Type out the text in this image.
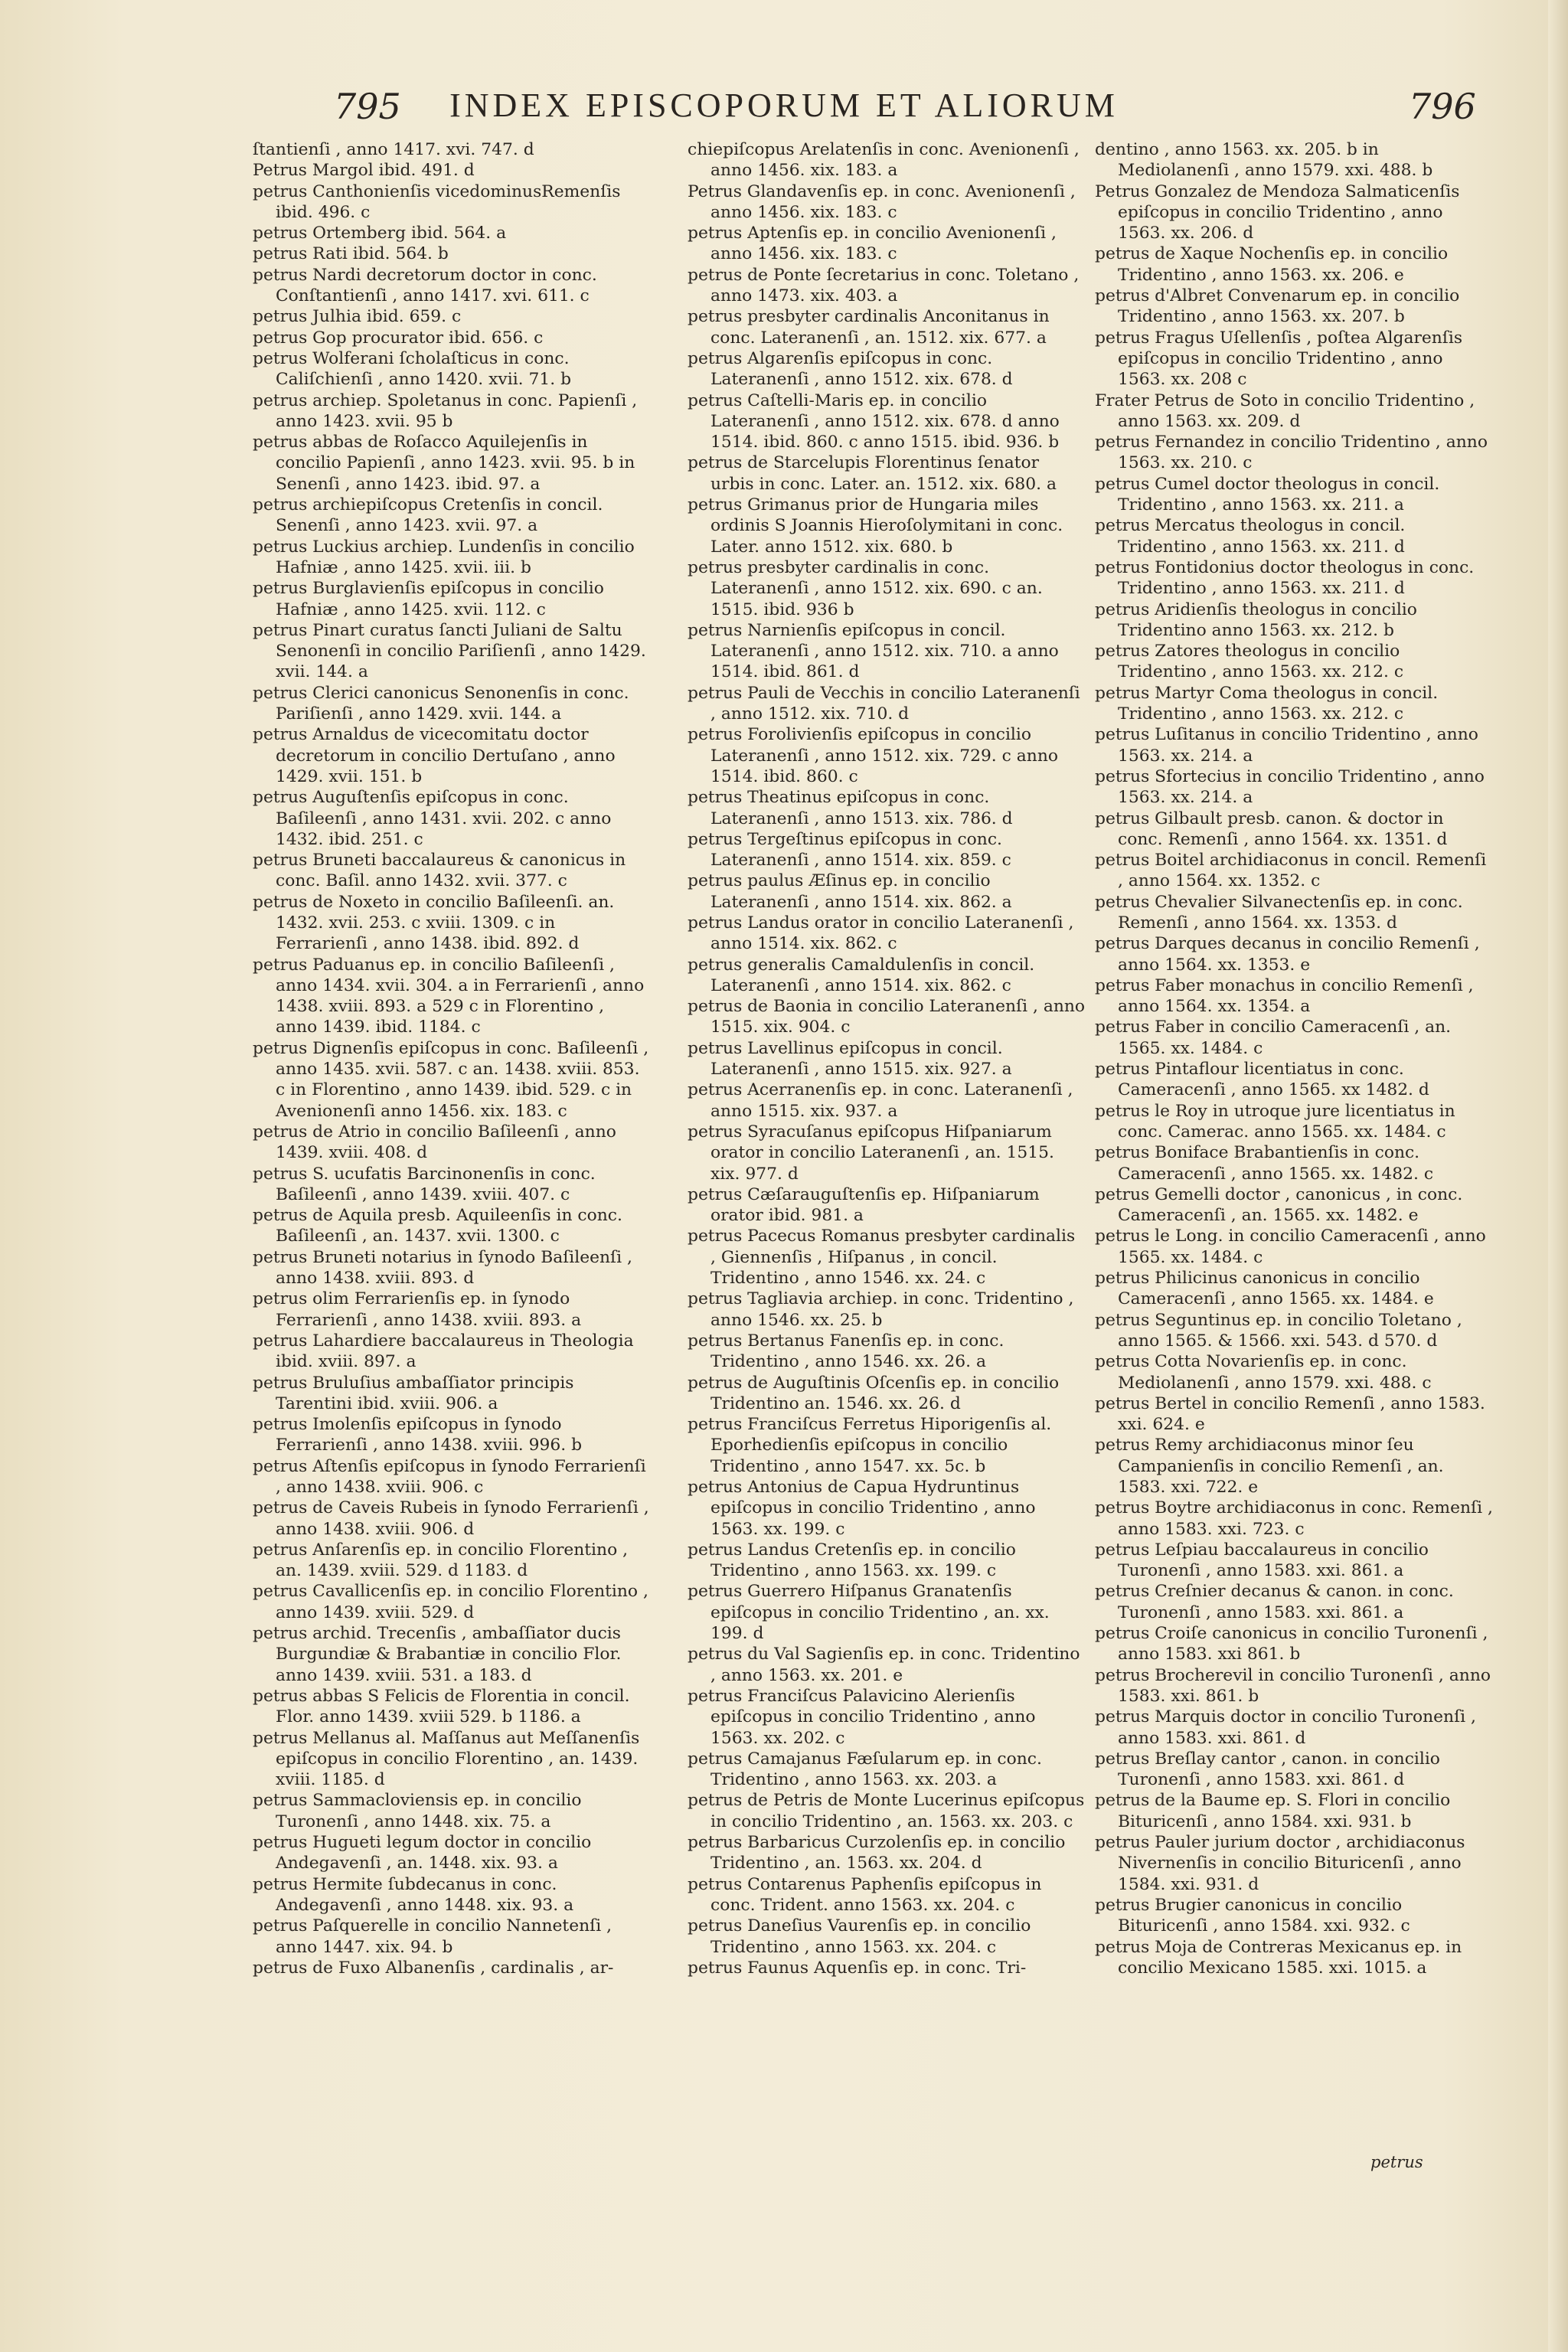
795	INDEX EPISCOPORUM ET ALIORUM	796

ſtantienſi , anno 1417. xvi. 747. d

Petrus Margol ibid. 491. d

petrus Canthonienſis vicedominusRemenſis ibid. 496. c

petrus Ortemberg ibid. 564. a

petrus Rati ibid. 564. b

petrus Nardi decretorum doctor in conc. Conſtantienſi , anno 1417. xvi. 611. c

petrus Julhia ibid. 659. c

petrus Gop procurator ibid. 656. c

petrus Wolferani ſcholaſticus in conc. Caliſchienſi , anno 1420. xvii. 71. b

petrus archiep. Spoletanus in conc. Papienſi , anno 1423. xvii. 95 b

petrus abbas de Roſacco Aquilejenſis in concilio Papienſi , anno 1423. xvii. 95. b in Senenſi , anno 1423. ibid. 97. a

petrus archiepiſcopus Cretenſis in concil. Senenſi , anno 1423. xvii. 97. a

petrus Luckius archiep. Lundenſis in concilio Hafniæ , anno 1425. xvii. iii. b

petrus Burglavienſis epiſcopus in concilio Hafniæ , anno 1425. xvii. 112. c

petrus Pinart curatus ſancti Juliani de Saltu Senonenſi in concilio Pariſienſi , anno 1429. xvii. 144. a

petrus Clerici canonicus Senonenſis in conc. Pariſienſi , anno 1429. xvii. 144. a

petrus Arnaldus de vicecomitatu doctor decretorum in concilio Dertuſano , anno 1429. xvii. 151. b

petrus Auguſtenſis epiſcopus in conc. Baſileenſi , anno 1431. xvii. 202. c anno 1432. ibid. 251. c

petrus Bruneti baccalaureus & canonicus in conc. Baſil. anno 1432. xvii. 377. c

petrus de Noxeto in concilio Baſileenſi. an. 1432. xvii. 253. c xviii. 1309. c in Ferrarienſi , anno 1438. ibid. 892. d

petrus Paduanus ep. in concilio Baſileenſi , anno 1434. xvii. 304. a in Ferrarienſi , anno 1438. xviii. 893. a 529 c in Florentino , anno 1439. ibid. 1184. c

petrus Dignenſis epiſcopus in conc. Baſileenſi , anno 1435. xvii. 587. c an. 1438. xviii. 853. c in Florentino , anno 1439. ibid. 529. c in Avenionenſi anno 1456. xix. 183. c

petrus de Atrio in concilio Baſileenſi , anno 1439. xviii. 408. d

petrus S. ucufatis Barcinonenſis in conc. Baſileenſi , anno 1439. xviii. 407. c

petrus de Aquila presb. Aquileenſis in conc. Baſileenſi , an. 1437. xvii. 1300. c

petrus Bruneti notarius in ſynodo Baſileenſi , anno 1438. xviii. 893. d

petrus olim Ferrarienſis ep. in ſynodo Ferrarienſi , anno 1438. xviii. 893. a

petrus Lahardiere baccalaureus in Theologia ibid. xviii. 897. a

petrus Bruluſius ambaſſiator principis Tarentini ibid. xviii. 906. a

petrus Imolenſis epiſcopus in ſynodo Ferrarienſi , anno 1438. xviii. 996. b

petrus Aſtenſis epiſcopus in ſynodo Ferrarienſi , anno 1438. xviii. 906. c

petrus de Caveis Rubeis in ſynodo Ferrarienſi , anno 1438. xviii. 906. d

petrus Anſarenſis ep. in concilio Florentino , an. 1439. xviii. 529. d 1183. d

petrus Cavallicenſis ep. in concilio Florentino , anno 1439. xviii. 529. d

petrus archid. Trecenſis , ambaſſiator ducis Burgundiæ & Brabantiæ in concilio Flor. anno 1439. xviii. 531. a 183. d

petrus abbas S Felicis de Florentia in concil. Flor. anno 1439. xviii 529. b 1186. a

petrus Mellanus al. Maſſanus aut Meſſanenſis epiſcopus in concilio Florentino , an. 1439. xviii. 1185. d

petrus Sammacloviensis ep. in concilio Turonenſi , anno 1448. xix. 75. a

petrus Hugueti legum doctor in concilio Andegavenſi , an. 1448. xix. 93. a

petrus Hermite ſubdecanus in conc. Andegavenſi , anno 1448. xix. 93. a

petrus Paſquerelle in concilio Nannetenſi , anno 1447. xix. 94. b

petrus de Fuxo Albanenſis , cardinalis , ar-

chiepiſcopus Arelatenſis in conc. Avenionenſi , anno 1456. xix. 183. a

Petrus Glandavenſis ep. in conc. Avenionenſi , anno 1456. xix. 183. c

petrus Aptenſis ep. in concilio Avenionenſi , anno 1456. xix. 183. c

petrus de Ponte ſecretarius in conc. Toletano , anno 1473. xix. 403. a

petrus presbyter cardinalis Anconitanus in conc. Lateranenſi , an. 1512. xix. 677. a

petrus Algarenſis epiſcopus in conc. Lateranenſi , anno 1512. xix. 678. d

petrus Caſtelli-Maris ep. in concilio Lateranenſi , anno 1512. xix. 678. d anno 1514. ibid. 860. c anno 1515. ibid. 936. b

petrus de Starcelupis Florentinus ſenator urbis in conc. Later. an. 1512. xix. 680. a

petrus Grimanus prior de Hungaria miles ordinis S Joannis Hieroſolymitani in conc. Later. anno 1512. xix. 680. b

petrus presbyter cardinalis in conc. Lateranenſi , anno 1512. xix. 690. c an. 1515. ibid. 936 b

petrus Narnienſis epiſcopus in concil. Lateranenſi , anno 1512. xix. 710. a anno 1514. ibid. 861. d

petrus Pauli de Vecchis in concilio Lateranenſi , anno 1512. xix. 710. d

petrus Forolivienſis epiſcopus in concilio Lateranenſi , anno 1512. xix. 729. c anno 1514. ibid. 860. c

petrus Theatinus epiſcopus in conc. Lateranenſi , anno 1513. xix. 786. d

petrus Tergeſtinus epiſcopus in conc. Lateranenſi , anno 1514. xix. 859. c

petrus paulus Æſinus ep. in concilio Lateranenſi , anno 1514. xix. 862. a

petrus Landus orator in concilio Lateranenſi , anno 1514. xix. 862. c

petrus generalis Camaldulenſis in concil. Lateranenſi , anno 1514. xix. 862. c

petrus de Baonia in concilio Lateranenſi , anno 1515. xix. 904. c

petrus Lavellinus epiſcopus in concil. Lateranenſi , anno 1515. xix. 927. a

petrus Acerranenſis ep. in conc. Lateranenſi , anno 1515. xix. 937. a

petrus Syracuſanus epiſcopus Hiſpaniarum orator in concilio Lateranenſi , an. 1515. xix. 977. d

petrus Cæſarauguſtenſis ep. Hiſpaniarum orator ibid. 981. a

petrus Pacecus Romanus presbyter cardinalis , Giennenſis , Hiſpanus , in concil. Tridentino , anno 1546. xx. 24. c

petrus Tagliavia archiep. in conc. Tridentino , anno 1546. xx. 25. b

petrus Bertanus Fanenſis ep. in conc. Tridentino , anno 1546. xx. 26. a

petrus de Auguſtinis Oſcenſis ep. in concilio Tridentino an. 1546. xx. 26. d

petrus Franciſcus Ferretus Hiporigenſis al. Eporhedienſis epiſcopus in concilio Tridentino , anno 1547. xx. 5c. b

petrus Antonius de Capua Hydruntinus epiſcopus in concilio Tridentino , anno 1563. xx. 199. c

petrus Landus Cretenſis ep. in concilio Tridentino , anno 1563. xx. 199. c

petrus Guerrero Hiſpanus Granatenſis epiſcopus in concilio Tridentino , an. xx. 199. d

petrus du Val Sagienſis ep. in conc. Tridentino , anno 1563. xx. 201. e

petrus Franciſcus Palavicino Alerienſis epiſcopus in concilio Tridentino , anno 1563. xx. 202. c

petrus Camajanus Fæſularum ep. in conc. Tridentino , anno 1563. xx. 203. a

petrus de Petris de Monte Lucerinus epiſcopus in concilio Tridentino , an. 1563. xx. 203. c

petrus Barbaricus Curzolenſis ep. in concilio Tridentino , an. 1563. xx. 204. d

petrus Contarenus Paphenſis epiſcopus in conc. Trident. anno 1563. xx. 204. c

petrus Daneſius Vaurenſis ep. in concilio Tridentino , anno 1563. xx. 204. c

petrus Faunus Aquenſis ep. in conc. Tri-

dentino , anno 1563. xx. 205. b in Mediolanenſi , anno 1579. xxi. 488. b

Petrus Gonzalez de Mendoza Salmaticenſis epiſcopus in concilio Tridentino , anno 1563. xx. 206. d

petrus de Xaque Nochenſis ep. in concilio Tridentino , anno 1563. xx. 206. e

petrus d'Albret Convenarum ep. in concilio Tridentino , anno 1563. xx. 207. b

petrus Fragus Uſellenſis , poſtea Algarenſis epiſcopus in concilio Tridentino , anno 1563. xx. 208 c

Frater Petrus de Soto in concilio Tridentino , anno 1563. xx. 209. d

petrus Fernandez in concilio Tridentino , anno 1563. xx. 210. c

petrus Cumel doctor theologus in concil. Tridentino , anno 1563. xx. 211. a

petrus Mercatus theologus in concil. Tridentino , anno 1563. xx. 211. d

petrus Fontidonius doctor theologus in conc. Tridentino , anno 1563. xx. 211. d

petrus Aridienſis theologus in concilio Tridentino anno 1563. xx. 212. b

petrus Zatores theologus in concilio Tridentino , anno 1563. xx. 212. c

petrus Martyr Coma theologus in concil. Tridentino , anno 1563. xx. 212. c

petrus Luſitanus in concilio Tridentino , anno 1563. xx. 214. a

petrus Sfortecius in concilio Tridentino , anno 1563. xx. 214. a

petrus Gilbault presb. canon. & doctor in conc. Remenſi , anno 1564. xx. 1351. d

petrus Boitel archidiaconus in concil. Remenſi , anno 1564. xx. 1352. c

petrus Chevalier Silvanectenſis ep. in conc. Remenſi , anno 1564. xx. 1353. d

petrus Darques decanus in concilio Remenſi , anno 1564. xx. 1353. e

petrus Faber monachus in concilio Remenſi , anno 1564. xx. 1354. a

petrus Faber in concilio Cameracenſi , an. 1565. xx. 1484. c

petrus Pintaflour licentiatus in conc. Cameracenſi , anno 1565. xx 1482. d

petrus le Roy in utroque jure licentiatus in conc. Camerac. anno 1565. xx. 1484. c

petrus Boniface Brabantienſis in conc. Cameracenſi , anno 1565. xx. 1482. c

petrus Gemelli doctor , canonicus , in conc. Cameracenſi , an. 1565. xx. 1482. e

petrus le Long. in concilio Cameracenſi , anno 1565. xx. 1484. c

petrus Philicinus canonicus in concilio Cameracenſi , anno 1565. xx. 1484. e

petrus Seguntinus ep. in concilio Toletano , anno 1565. & 1566. xxi. 543. d 570. d

petrus Cotta Novarienſis ep. in conc. Mediolanenſi , anno 1579. xxi. 488. c

petrus Bertel in concilio Remenſi , anno 1583. xxi. 624. e

petrus Remy archidiaconus minor ſeu Campanienſis in concilio Remenſi , an. 1583. xxi. 722. e

petrus Boytre archidiaconus in conc. Remenſi , anno 1583. xxi. 723. c

petrus Leſpiau baccalaureus in concilio Turonenſi , anno 1583. xxi. 861. a

petrus Creſnier decanus & canon. in conc. Turonenſi , anno 1583. xxi. 861. a

petrus Croiſe canonicus in concilio Turonenſi , anno 1583. xxi 861. b

petrus Brocherevil in concilio Turonenſi , anno 1583. xxi. 861. b

petrus Marquis doctor in concilio Turonenſi , anno 1583. xxi. 861. d

petrus Breſlay cantor , canon. in concilio Turonenſi , anno 1583. xxi. 861. d

petrus de la Baume ep. S. Flori in concilio Bituricenſi , anno 1584. xxi. 931. b

petrus Pauler jurium doctor , archidiaconus Nivernenſis in concilio Bituricenſi , anno 1584. xxi. 931. d

petrus Brugier canonicus in concilio Bituricenſi , anno 1584. xxi. 932. c

petrus Moja de Contreras Mexicanus ep. in concilio Mexicano 1585. xxi. 1015. a

petrus
